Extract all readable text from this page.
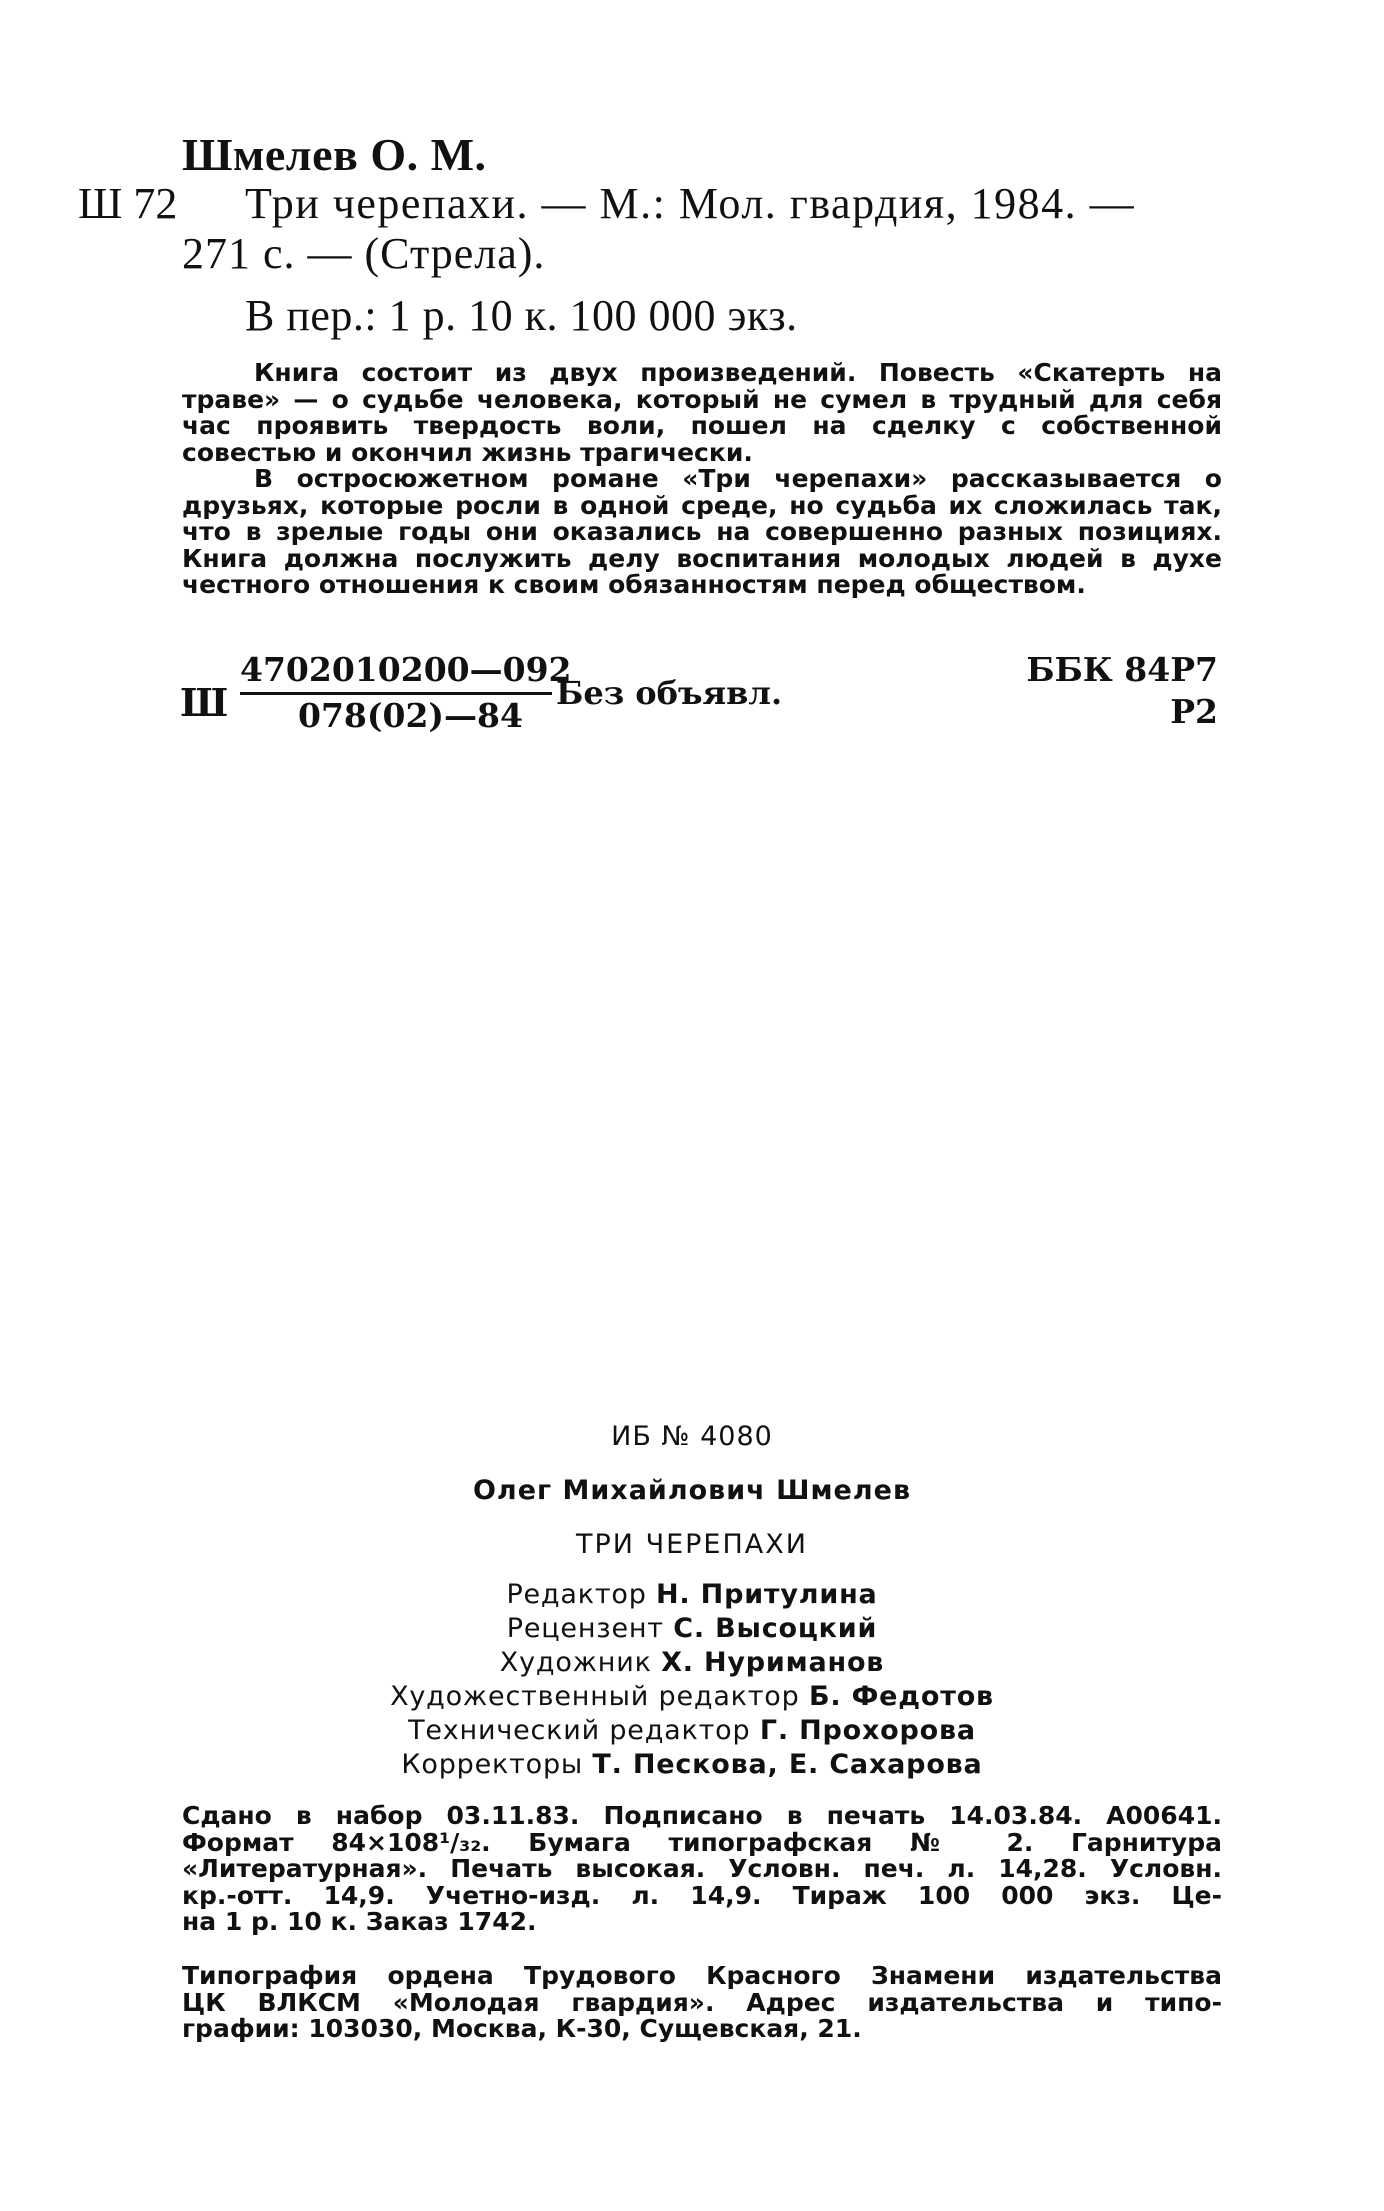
Шмелев О. М.
Ш 72 Три черепахи. — М.: Мол. гвардия, 1984. —
271 с. — (Стрела).
В пер.: 1 р. 10 к. 100 000 экз.

Книга состоит из двух произведений. Повесть «Скатерть на траве» — о судьбе человека, который не сумел в трудный для себя час проявить твердость воли, пошел на сделку с собственной совестью и окончил жизнь трагически.

В остросюжетном романе «Три черепахи» рассказывается о друзьях, которые росли в одной среде, но судьба их сложилась так, что в зрелые годы они оказались на совершенно разных позициях. Книга должна послужить делу воспитания молодых людей в духе честного отношения к своим обязанностям перед обществом.

Ш
4702010200—092
078(02)—84
Без объявл.
ББК 84Р7
Р2
ИБ № 4080
Олег Михайлович Шмелев
ТРИ ЧЕРЕПАХИ
Редактор Н. Притулина
Рецензент С. Высоцкий
Художник Х. Нуриманов
Художественный редактор Б. Федотов
Технический редактор Г. Прохорова
Корректоры Т. Пескова, Е. Сахарова
Сдано в набор 03.11.83. Подписано в печать 14.03.84. А00641.
Формат 84×108¹/₃₂. Бумага типографская № 2. Гарнитура
«Литературная». Печать высокая. Условн. печ. л. 14,28. Условн.
кр.-отт. 14,9. Учетно-изд. л. 14,9. Тираж 100 000 экз. Це-
на 1 р. 10 к. Заказ 1742.
Типография ордена Трудового Красного Знамени издательства
ЦК ВЛКСМ «Молодая гвардия». Адрес издательства и типо-
графии: 103030, Москва, К-30, Сущевская, 21.
